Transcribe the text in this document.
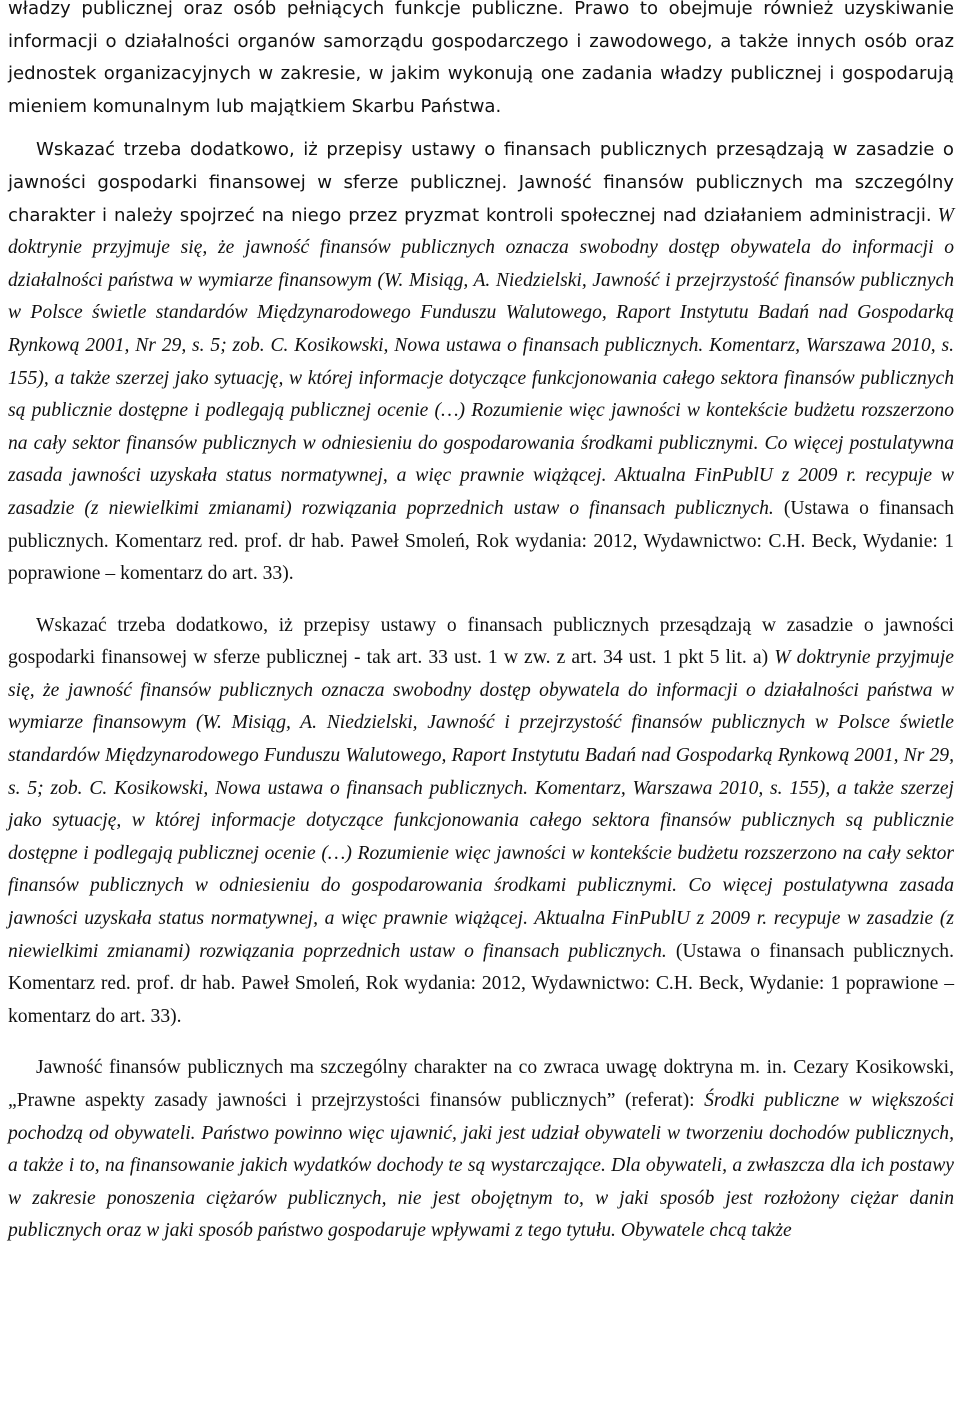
władzy publicznej oraz osób pełniących funkcje publiczne. Prawo to obejmuje również uzyskiwanie informacji o działalności organów samorządu gospodarczego i zawodowego, a także innych osób oraz jednostek organizacyjnych w zakresie, w jakim wykonują one zadania władzy publicznej i gospodarują mieniem komunalnym lub majątkiem Skarbu Państwa.

Wskazać trzeba dodatkowo, iż przepisy ustawy o finansach publicznych przesądzają w zasadzie o jawności gospodarki finansowej w sferze publicznej. Jawność finansów publicznych ma szczególny charakter i należy spojrzeć na niego przez pryzmat kontroli społecznej nad działaniem administracji. W doktrynie przyjmuje się, że jawność finansów publicznych oznacza swobodny dostęp obywatela do informacji o działalności państwa w wymiarze finansowym (W. Misiąg, A. Niedzielski, Jawność i przejrzystość finansów publicznych w Polsce świetle standardów Międzynarodowego Funduszu Walutowego, Raport Instytutu Badań nad Gospodarką Rynkową 2001, Nr 29, s. 5; zob. C. Kosikowski, Nowa ustawa o finansach publicznych. Komentarz, Warszawa 2010, s. 155), a także szerzej jako sytuację, w której informacje dotyczące funkcjonowania całego sektora finansów publicznych są publicznie dostępne i podlegają publicznej ocenie (…) Rozumienie więc jawności w kontekście budżetu rozszerzono na cały sektor finansów publicznych w odniesieniu do gospodarowania środkami publicznymi. Co więcej postulatywna zasada jawności uzyskała status normatywnej, a więc prawnie wiążącej. Aktualna FinPublU z 2009 r. recypuje w zasadzie (z niewielkimi zmianami) rozwiązania poprzednich ustaw o finansach publicznych. (Ustawa o finansach publicznych. Komentarz red. prof. dr hab. Paweł Smoleń, Rok wydania: 2012, Wydawnictwo: C.H. Beck, Wydanie: 1 poprawione – komentarz do art. 33).

Wskazać trzeba dodatkowo, iż przepisy ustawy o finansach publicznych przesądzają w zasadzie o jawności gospodarki finansowej w sferze publicznej - tak art. 33 ust. 1 w zw. z art. 34 ust. 1 pkt 5 lit. a) W doktrynie przyjmuje się, że jawność finansów publicznych oznacza swobodny dostęp obywatela do informacji o działalności państwa w wymiarze finansowym (W. Misiąg, A. Niedzielski, Jawność i przejrzystość finansów publicznych w Polsce świetle standardów Międzynarodowego Funduszu Walutowego, Raport Instytutu Badań nad Gospodarką Rynkową 2001, Nr 29, s. 5; zob. C. Kosikowski, Nowa ustawa o finansach publicznych. Komentarz, Warszawa 2010, s. 155), a także szerzej jako sytuację, w której informacje dotyczące funkcjonowania całego sektora finansów publicznych są publicznie dostępne i podlegają publicznej ocenie (…) Rozumienie więc jawności w kontekście budżetu rozszerzono na cały sektor finansów publicznych w odniesieniu do gospodarowania środkami publicznymi. Co więcej postulatywna zasada jawności uzyskała status normatywnej, a więc prawnie wiążącej. Aktualna FinPublU z 2009 r. recypuje w zasadzie (z niewielkimi zmianami) rozwiązania poprzednich ustaw o finansach publicznych. (Ustawa o finansach publicznych. Komentarz red. prof. dr hab. Paweł Smoleń, Rok wydania: 2012, Wydawnictwo: C.H. Beck, Wydanie: 1 poprawione – komentarz do art. 33).

Jawność finansów publicznych ma szczególny charakter na co zwraca uwagę doktryna m. in. Cezary Kosikowski, „Prawne aspekty zasady jawności i przejrzystości finansów publicznych” (referat): Środki publiczne w większości pochodzą od obywateli. Państwo powinno więc ujawnić, jaki jest udział obywateli w tworzeniu dochodów publicznych, a także i to, na finansowanie jakich wydatków dochody te są wystarczające. Dla obywateli, a zwłaszcza dla ich postawy w zakresie ponoszenia ciężarów publicznych, nie jest obojętnym to, w jaki sposób jest rozłożony ciężar danin publicznych oraz w jaki sposób państwo gospodaruje wpływami z tego tytułu. Obywatele chcą także
